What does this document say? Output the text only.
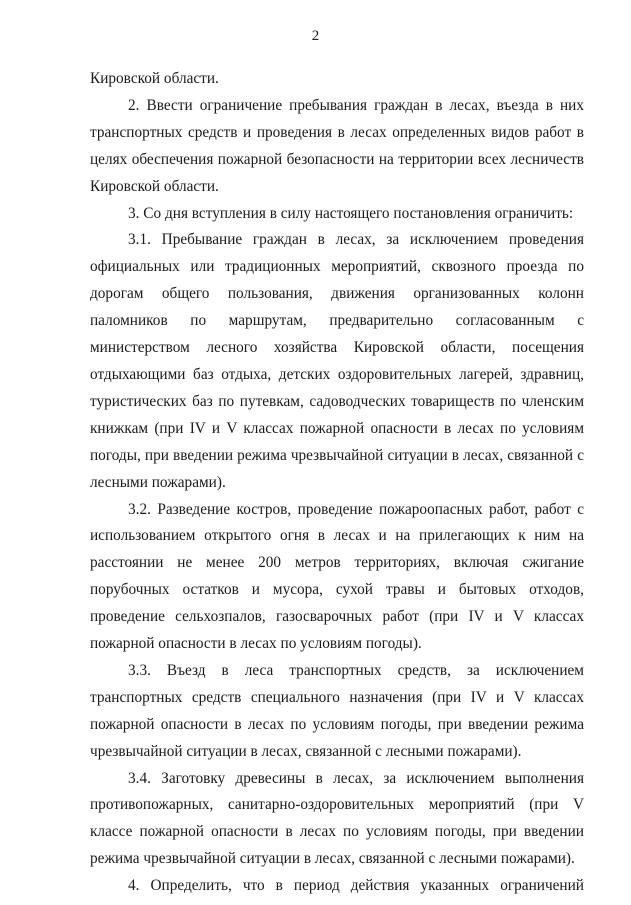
2

Кировской области.

2. Ввести ограничение пребывания граждан в лесах, въезда в них транспортных средств и проведения в лесах определенных видов работ в целях обеспечения пожарной безопасности на территории всех лесничеств Кировской области.

3. Со дня вступления в силу настоящего постановления ограничить:

3.1. Пребывание граждан в лесах, за исключением проведения официальных или традиционных мероприятий, сквозного проезда по дорогам общего пользования, движения организованных колонн паломников по маршрутам, предварительно согласованным с министерством лесного хозяйства Кировской области, посещения отдыхающими баз отдыха, детских оздоровительных лагерей, здравниц, туристических баз по путевкам, садоводческих товариществ по членским книжкам (при IV и V классах пожарной опасности в лесах по условиям погоды, при введении режима чрезвычайной ситуации в лесах, связанной с лесными пожарами).

3.2. Разведение костров, проведение пожароопасных работ, работ с использованием открытого огня в лесах и на прилегающих к ним на расстоянии не менее 200 метров территориях, включая сжигание порубочных остатков и мусора, сухой травы и бытовых отходов, проведение сельхозпалов, газосварочных работ (при IV и V классах пожарной опасности в лесах по условиям погоды).

3.3. Въезд в леса транспортных средств, за исключением транспортных средств специального назначения (при IV и V классах пожарной опасности в лесах по условиям погоды, при введении режима чрезвычайной ситуации в лесах, связанной с лесными пожарами).

3.4. Заготовку древесины в лесах, за исключением выполнения противопожарных, санитарно-оздоровительных мероприятий (при V классе пожарной опасности в лесах по условиям погоды, при введении режима чрезвычайной ситуации в лесах, связанной с лесными пожарами).

4. Определить, что в период действия указанных ограничений
